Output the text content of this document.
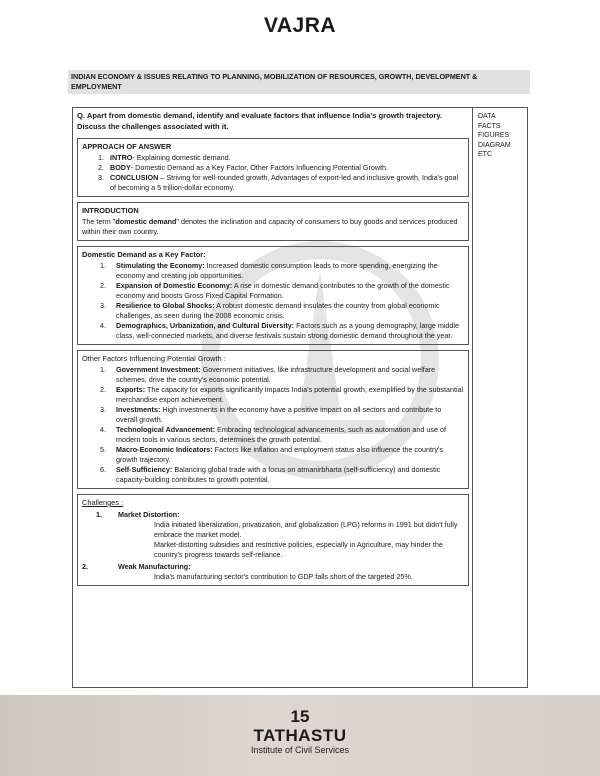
VAJRA
INDIAN ECONOMY & ISSUES RELATING TO PLANNING, MOBILIZATION OF RESOURCES, GROWTH, DEVELOPMENT & EMPLOYMENT
Q. Apart from domestic demand, identify and evaluate factors that influence India's growth trajectory. Discuss the challenges associated with it.
APPROACH OF ANSWER
1. INTRO- Explaining domestic demand.
2. BODY- Domestic Demand as a Key Factor, Other Factors Influencing Potential Growth.
3. CONCLUSION – Striving for well-rounded growth, Advantages of export-led and inclusive growth, India's goal of becoming a 5 trillion-dollar economy.
INTRODUCTION
The term "domestic demand" denotes the inclination and capacity of consumers to buy goods and services produced within their own country.
Domestic Demand as a Key Factor:
1. Stimulating the Economy: Increased domestic consumption leads to more spending, energizing the economy and creating job opportunities.
2. Expansion of Domestic Economy: A rise in domestic demand contributes to the growth of the domestic economy and boosts Gross Fixed Capital Formation.
3. Resilience to Global Shocks: A robust domestic demand insulates the country from global economic challenges, as seen during the 2008 economic crisis.
4. Demographics, Urbanization, and Cultural Diversity: Factors such as a young demography, large middle class, well-connected markets, and diverse festivals sustain strong domestic demand throughout the year.
Other Factors Influencing Potential Growth :
1. Government Investment: Government initiatives, like infrastructure development and social welfare schemes, drive the country's economic potential.
2. Exports: The capacity for exports significantly impacts India's potential growth, exemplified by the substantial merchandise export achievement.
3. Investments: High investments in the economy have a positive impact on all sectors and contribute to overall growth.
4. Technological Advancement: Embracing technological advancements, such as automation and use of modern tools in various sectors, determines the growth potential.
5. Macro-Economic Indicators: Factors like inflation and employment status also influence the country's growth trajectory.
6. Self-Sufficiency: Balancing global trade with a focus on atmanirbharta (self-sufficiency) and domestic capacity-building contributes to growth potential.
Challenges :
1. Market Distortion:
India initiated liberalization, privatization, and globalization (LPG) reforms in 1991 but didn't fully embrace the market model.
Market-distorting subsidies and restrictive policies, especially in Agriculture, may hinder the country's progress towards self-reliance.
2.	Weak Manufacturing:
India's manufacturing sector's contribution to GDP falls short of the targeted 25%.
DATA
FACTS
FIGURES
DIAGRAM
ETC
15
TATHASTU
Institute of Civil Services
